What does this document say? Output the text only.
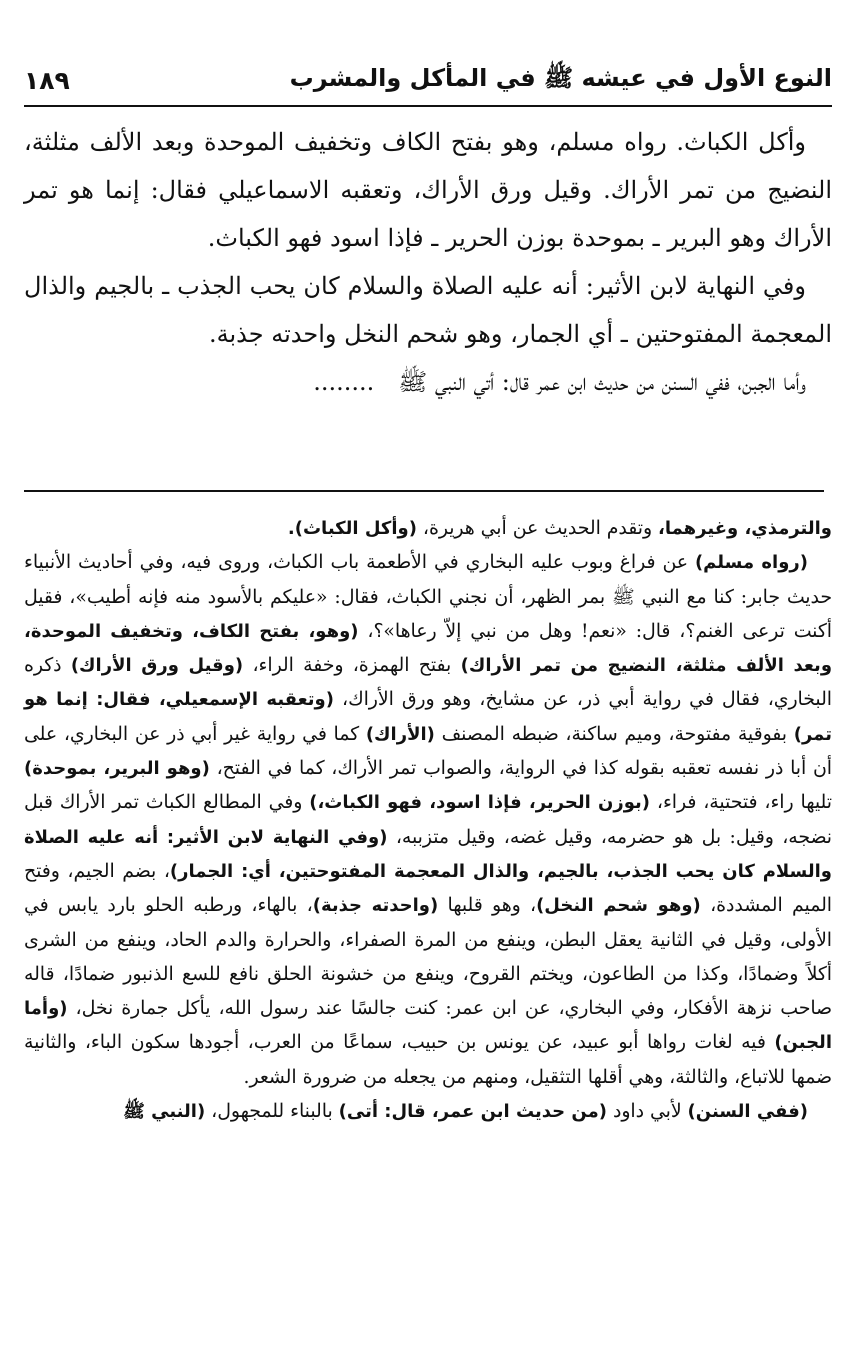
النوع الأول في عيشه ﷺ في المأكل والمشرب
١٨٩

وأكل الكباث. رواه مسلم، وهو بفتح الكاف وتخفيف الموحدة وبعد الألف مثلثة، النضيج من تمر الأراك. وقيل ورق الأراك، وتعقبه الاسماعيلي فقال: إنما هو تمر الأراك وهو البرير ـ بموحدة بوزن الحرير ـ فإذا اسود فهو الكباث.

وفي النهاية لابن الأثير: أنه عليه الصلاة والسلام كان يحب الجذب ـ بالجيم والذال المعجمة المفتوحتين ـ أي الجمار، وهو شحم النخل واحدته جذبة.

وأما الجبن، ففي السنن من حديث ابن عمر قال: أتي النبي ﷺ........

والترمذي، وغيرهما، وتقدم الحديث عن أبي هريرة، (وأكل الكباث).

(رواه مسلم) عن فراغ وبوب عليه البخاري في الأطعمة باب الكباث، وروى فيه، وفي أحاديث الأنبياء حديث جابر: كنا مع النبي ﷺ بمر الظهر، أن نجني الكباث، فقال: «عليكم بالأسود منه فإنه أطيب»، فقيل أكنت ترعى الغنم؟، قال: «نعم! وهل من نبي إلاّ رعاها»؟، (وهو، بفتح الكاف، وتخفيف الموحدة، وبعد الألف مثلثة، النضيج من تمر الأراك) بفتح الهمزة، وخفة الراء، (وقيل ورق الأراك) ذكره البخاري، فقال في رواية أبي ذر، عن مشايخ، وهو ورق الأراك، (وتعقبه الإسمعيلي، فقال: إنما هو تمر) بفوقية مفتوحة، وميم ساكنة، ضبطه المصنف (الأراك) كما في رواية غير أبي ذر عن البخاري، على أن أبا ذر نفسه تعقبه بقوله كذا في الرواية، والصواب تمر الأراك، كما في الفتح، (وهو البرير، بموحدة) تليها راء، فتحتية، فراء، (بوزن الحرير، فإذا اسود، فهو الكباث،) وفي المطالع الكباث تمر الأراك قبل نضجه، وقيل: بل هو حضرمه، وقيل غضه، وقيل متزببه، (وفي النهاية لابن الأثير: أنه عليه الصلاة والسلام كان يحب الجذب، بالجيم، والذال المعجمة المفتوحتين، أي: الجمار)، بضم الجيم، وفتح الميم المشددة، (وهو شحم النخل)، وهو قلبها (واحدته جذبة)، بالهاء، ورطبه الحلو بارد يابس في الأولى، وقيل في الثانية يعقل البطن، وينفع من المرة الصفراء، والحرارة والدم الحاد، وينفع من الشرى أكلاً وضمادًا، وكذا من الطاعون، ويختم القروح، وينفع من خشونة الحلق نافع للسع الذنبور ضمادًا، قاله صاحب نزهة الأفكار، وفي البخاري، عن ابن عمر: كنت جالسًا عند رسول الله، يأكل جمارة نخل، (وأما الجبن) فيه لغات رواها أبو عبيد، عن يونس بن حبيب، سماعًا من العرب، أجودها سكون الباء، والثانية ضمها للاتباع، والثالثة، وهي أقلها التثقيل، ومنهم من يجعله من ضرورة الشعر.

(ففي السنن) لأبي داود (من حديث ابن عمر، قال: أتى) بالبناء للمجهول، (النبي ﷺ
